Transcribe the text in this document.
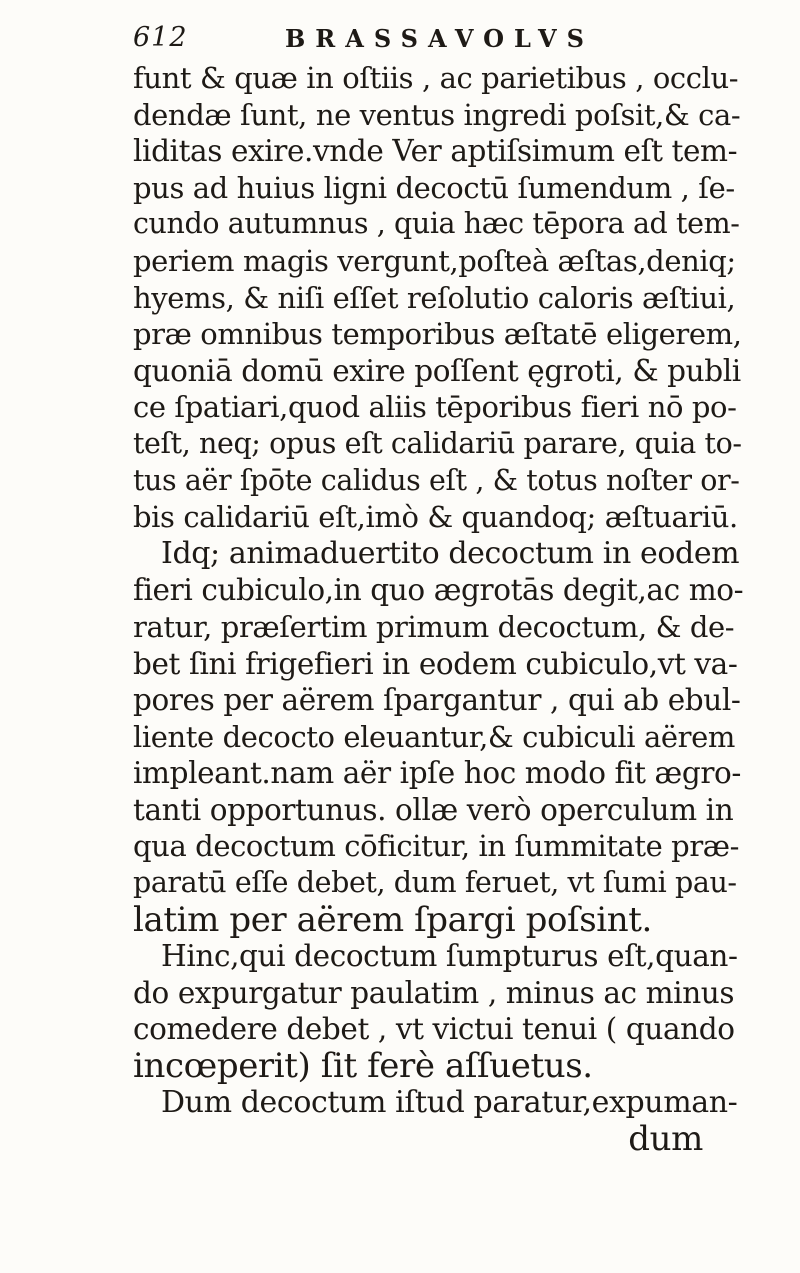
612	BRASSAVOLVS
funt & quæ in oſtiis , ac parietibus , occlu-
dendæ ſunt, ne ventus ingredi poſsit,& ca-
liditas exire.vnde Ver aptiſsimum eſt tem-
pus ad huius ligni decoctū ſumendum , ſe-
cundo autumnus , quia hæc tēpora ad tem-
periem magis vergunt,poſteà æſtas,deniq;
hyems, & niſi eſſet reſolutio caloris æſtiui,
præ omnibus temporibus æſtatē eligerem,
quoniā domū exire poſſent ęgroti, & publi
ce ſpatiari,quod aliis tēporibus fieri nō po-
teſt, neq; opus eſt calidariū parare, quia to-
tus aër ſpōte calidus eſt , & totus noſter or-
bis calidariū eſt,imò & quandoq; æſtuariū.
Idq; animaduertito decoctum in eodem
fieri cubiculo,in quo ægrotās degit,ac mo-
ratur, præſertim primum decoctum, & de-
bet ſini frigefieri in eodem cubiculo,vt va-
pores per aërem ſpargantur , qui ab ebul-
liente decocto eleuantur,& cubiculi aërem
impleant.nam aër ipſe hoc modo fit ægro-
tanti opportunus. ollæ verò operculum in
qua decoctum cōficitur, in ſummitate præ-
paratū eſſe debet, dum feruet, vt ſumi pau-
latim per aërem ſpargi poſsint.
Hinc,qui decoctum ſumpturus eſt,quan-
do expurgatur paulatim , minus ac minus
comedere debet , vt victui tenui ( quando
incœperit) ſit ferè aſſuetus.
Dum decoctum iſtud paratur,expuman-
dum
